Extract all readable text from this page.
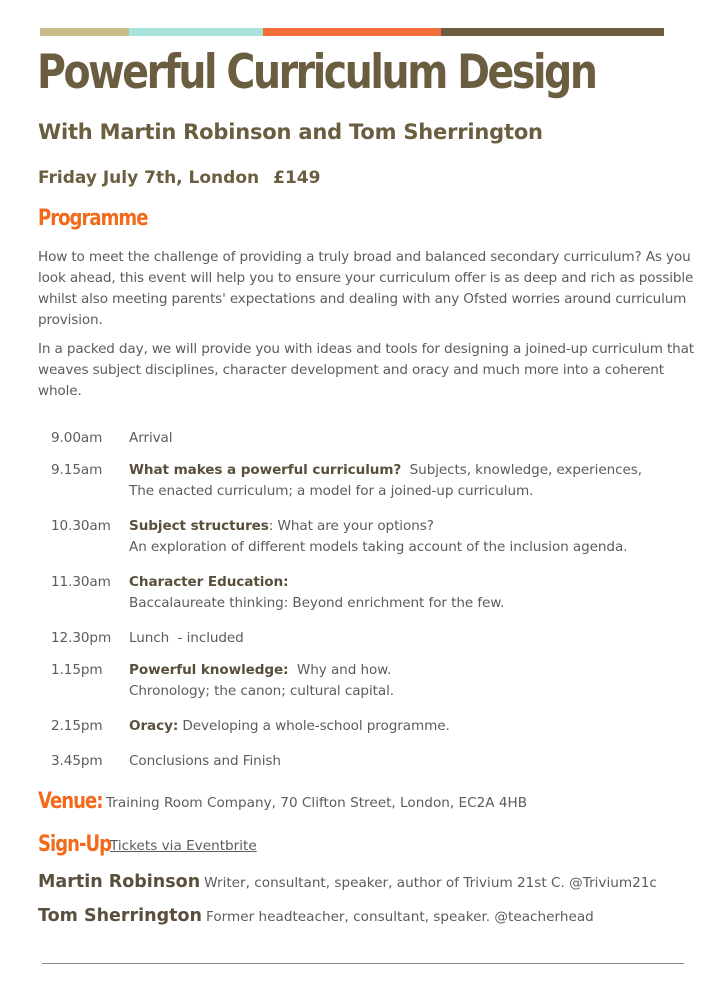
Powerful Curriculum Design
With Martin Robinson and Tom Sherrington
Friday July 7th, London £149
Programme
How to meet the challenge of providing a truly broad and balanced secondary curriculum? As you look ahead, this event will help you to ensure your curriculum offer is as deep and rich as possible whilst also meeting parents' expectations and dealing with any Ofsted worries around curriculum provision.
In a packed day, we will provide you with ideas and tools for designing a joined-up curriculum that weaves subject disciplines, character development and oracy and much more into a coherent whole.
9.00am Arrival

9.15am What makes a powerful curriculum?  Subjects, knowledge, experiences,
The enacted curriculum; a model for a joined-up curriculum.
10.30am Subject structures: What are your options?
An exploration of different models taking account of the inclusion agenda.
11.30am Character Education:
Baccalaureate thinking: Beyond enrichment for the few.
12.30pm Lunch  - included

1.15pm Powerful knowledge:  Why and how.
Chronology; the canon; cultural capital.
2.15pm Oracy: Developing a whole-school programme.

3.45pm Conclusions and Finish

Venue: Training Room Company, 70 Clifton Street, London, EC2A 4HB
Sign-Up
Tickets via Eventbrite
Martin Robinson Writer, consultant, speaker, author of Trivium 21st C. @Trivium21c
Tom Sherrington Former headteacher, consultant, speaker. @teacherhead
